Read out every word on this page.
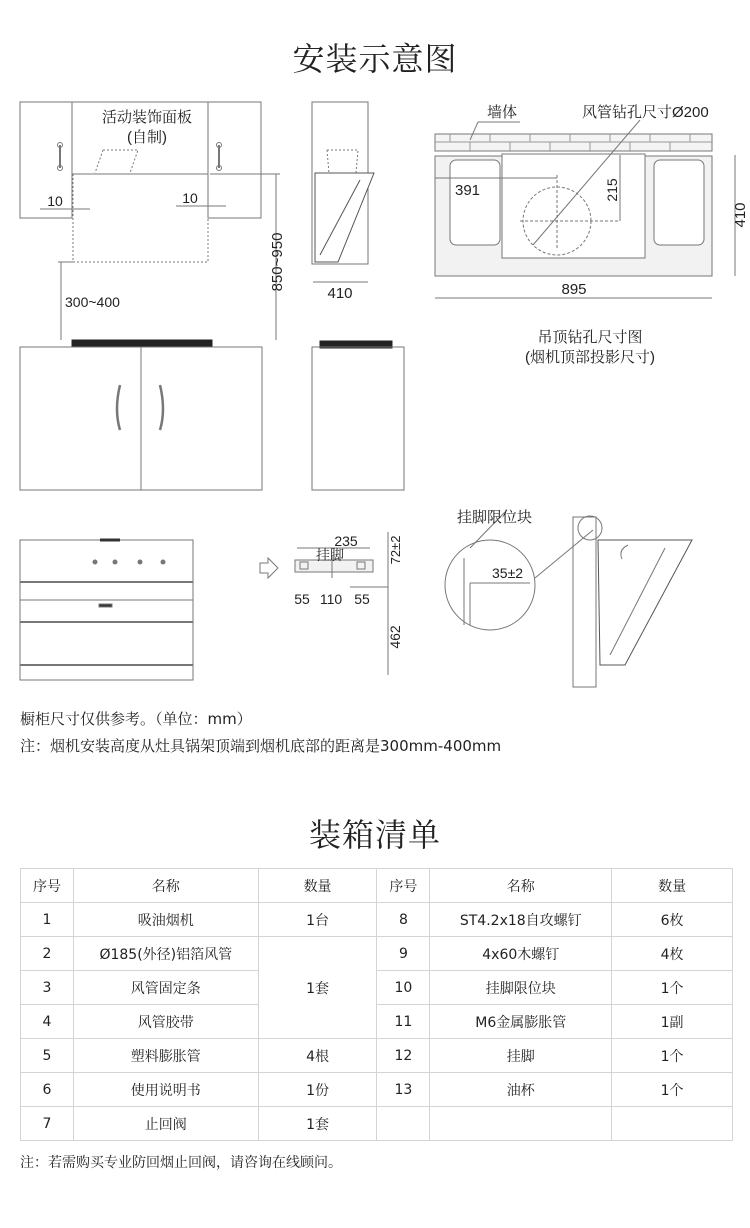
安装示意图
活动装饰面板
(自制)
10	10
850~950
300~400	410
墙体	风管钻孔尺寸Ø200
391	215
410
895
吊顶钻孔尺寸图
(烟机顶部投影尺寸)
235
挂脚	72±2
55 110 55
462
挂脚限位块
35±2
橱柜尺寸仅供参考。（单位：mm）
注：烟机安装高度从灶具锅架顶端到烟机底部的距离是300mm-400mm
装箱清单
序号	名称	数量	序号	名称	数量
1	吸油烟机	1台	8	ST4.2x18自攻螺钉	6枚
2	Ø185(外径)铝箔风管	1套	9	4x60木螺钉	4枚
3	风管固定条		10	挂脚限位块	1个
4	风管胶带		11	M6金属膨胀管	1副
5	塑料膨胀管	4根	12	挂脚	1个
6	使用说明书	1份	13	油杯	1个
7	止回阀	1套			
注：若需购买专业防回烟止回阀，请咨询在线顾问。
